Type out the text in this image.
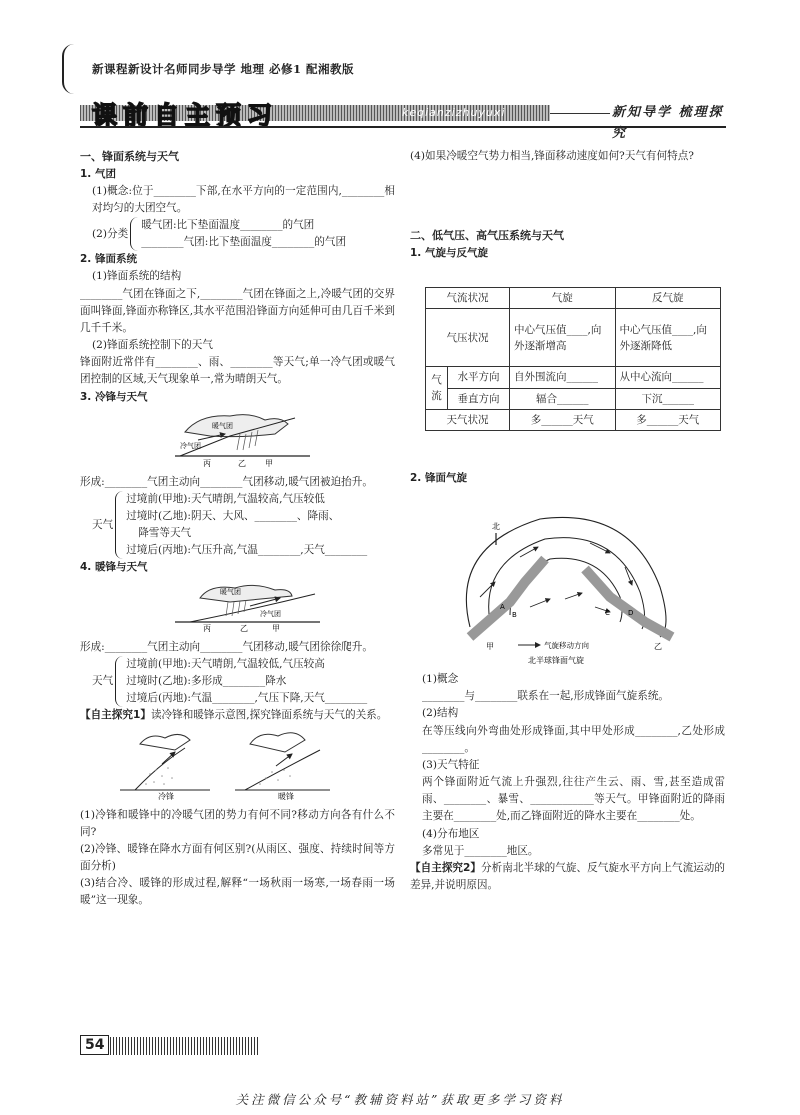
新课程新设计名师同步导学 地理 必修1 配湘教版
课前自主预习	keqianzizhuyuxi	新知导学 梳理探究
一、锋面系统与天气
1. 气团
(1)概念:位于________下部,在水平方向的一定范围内,________相对均匀的大团空气。
(2)分类
暖气团:比下垫面温度________的气团
________气团:比下垫面温度________的气团
2. 锋面系统
(1)锋面系统的结构
________气团在锋面之下,________气团在锋面之上,冷暖气团的交界面叫锋面,锋面亦称锋区,其水平范围沿锋面方向延伸可由几百千米到几千千米。
(2)锋面系统控制下的天气
锋面附近常伴有________、雨、________等天气;单一冷气团或暖气团控制的区域,天气现象单一,常为晴朗天气。
3. 冷锋与天气
暖气团
冷气团
丙	乙 甲
形成:________气团主动向________气团移动,暖气团被迫抬升。
天气
过境前(甲地):天气晴朗,气温较高,气压较低
过境时(乙地):阴天、大风、________、降雨、
降雪等天气
过境后(丙地):气压升高,气温________,天气________
4. 暖锋与天气
暖气团
冷气团
丙	乙	甲
形成:________气团主动向________气团移动,暖气团徐徐爬升。
天气
过境前(甲地):天气晴朗,气温较低,气压较高
过境时(乙地):多形成________降水
过境后(丙地):气温________,气压下降,天气________
【自主探究1】读冷锋和暖锋示意图,探究锋面系统与天气的关系。
冷锋	暖锋
(1)冷锋和暖锋中的冷暖气团的势力有何不同?移动方向各有什么不同?
(2)冷锋、暖锋在降水方面有何区别?(从雨区、强度、持续时间等方面分析)
(3)结合冷、暖锋的形成过程,解释“一场秋雨一场寒,一场春雨一场暖”这一现象。
(4)如果冷暖空气势力相当,锋面移动速度如何?天气有何特点?
二、低气压、高气压系统与天气
1. 气旋与反气旋
气流状况		气旋	反气旋
气压状况		中心气压值____,向外逐渐增高	中心气压值____,向外逐渐降低
气流	水平方向	自外围流向______	从中心流向______
	垂直方向	辐合______	下沉______
天气状况		多______天气	多______天气
2. 锋面气旋
北
A
B	C	D
甲	乙
气旋移动方向
北半球锋面气旋
(1)概念
________与________联系在一起,形成锋面气旋系统。
(2)结构
在等压线向外弯曲处形成锋面,其中甲处形成________,乙处形成________。
(3)天气特征
两个锋面附近气流上升强烈,往往产生云、雨、雪,甚至造成雷雨、________、暴雪、____________等天气。甲锋面附近的降雨主要在________处,而乙锋面附近的降水主要在________处。
(4)分布地区
多常见于________地区。
【自主探究2】分析南北半球的气旋、反气旋水平方向上气流运动的差异,并说明原因。
54
关注微信公众号“教辅资料站”获取更多学习资料
